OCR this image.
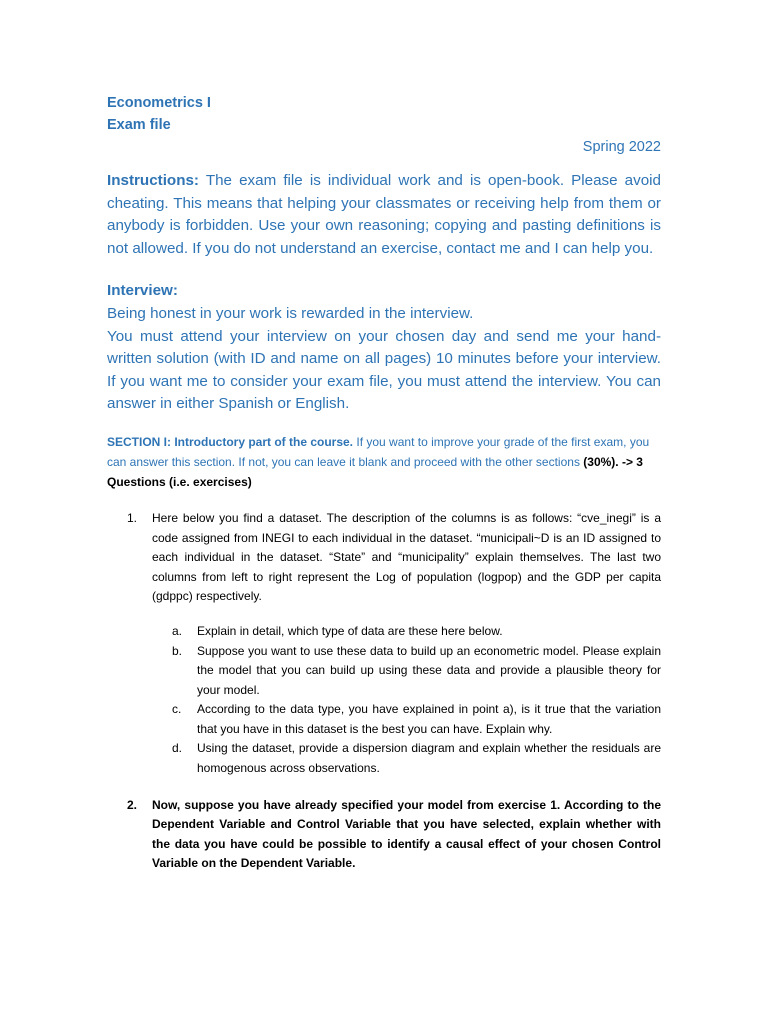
Econometrics I
Exam file
Spring 2022
Instructions: The exam file is individual work and is open-book. Please avoid cheating. This means that helping your classmates or receiving help from them or anybody is forbidden. Use your own reasoning; copying and pasting definitions is not allowed. If you do not understand an exercise, contact me and I can help you.
Interview:
Being honest in your work is rewarded in the interview.
You must attend your interview on your chosen day and send me your hand-written solution (with ID and name on all pages) 10 minutes before your interview. If you want me to consider your exam file, you must attend the interview. You can answer in either Spanish or English.
SECTION I: Introductory part of the course. If you want to improve your grade of the first exam, you can answer this section. If not, you can leave it blank and proceed with the other sections (30%). -> 3 Questions (i.e. exercises)
1. Here below you find a dataset. The description of the columns is as follows: “cve_inegi” is a code assigned from INEGI to each individual in the dataset. “municipali~D is an ID assigned to each individual in the dataset. “State” and “municipality” explain themselves. The last two columns from left to right represent the Log of population (logpop) and the GDP per capita (gdppc) respectively.
a. Explain in detail, which type of data are these here below.
b. Suppose you want to use these data to build up an econometric model. Please explain the model that you can build up using these data and provide a plausible theory for your model.
c. According to the data type, you have explained in point a), is it true that the variation that you have in this dataset is the best you can have. Explain why.
d. Using the dataset, provide a dispersion diagram and explain whether the residuals are homogenous across observations.
2. Now, suppose you have already specified your model from exercise 1. According to the Dependent Variable and Control Variable that you have selected, explain whether with the data you have could be possible to identify a causal effect of your chosen Control Variable on the Dependent Variable.
